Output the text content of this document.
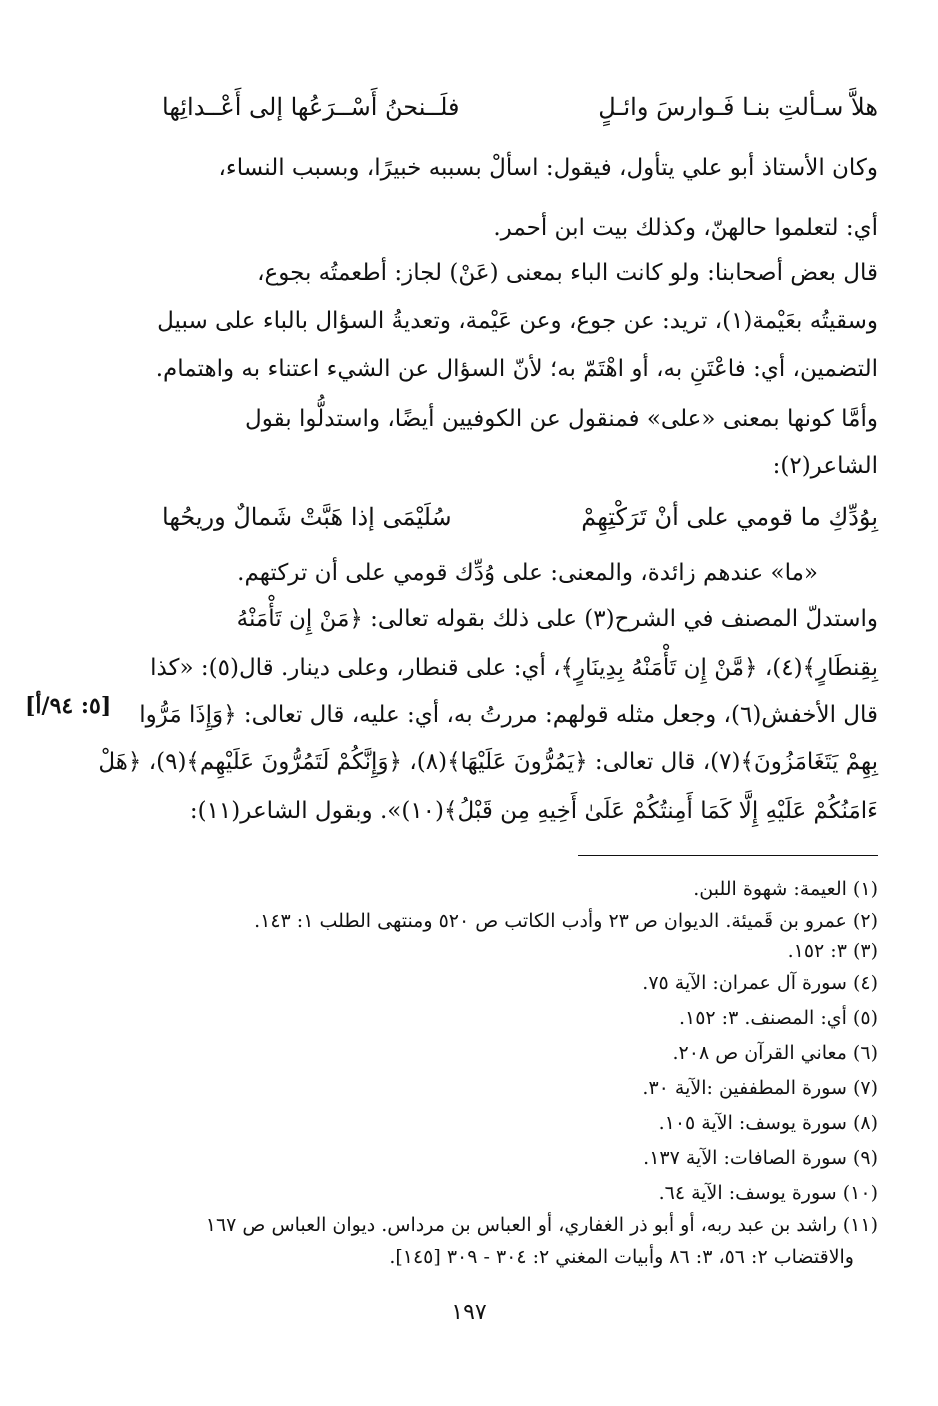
هلاَّ سـألتِ بنـا فَـوارسَ وائـلٍ
فلَــنحنُ أَسْــرَعُها إلى أَعْــدائِها
وكان الأستاذ أبو علي يتأول، فيقول: اسألْ بسببه خبيرًا، وبسبب النساء،
أي: لتعلموا حالهنّ، وكذلك بيت ابن أحمر.
قال بعض أصحابنا: ولو كانت الباء بمعنى (عَنْ) لجاز: أطعمتُه بجوع،
وسقيتُه بعَيْمة(١)، تريد: عن جوع، وعن عَيْمة، وتعديةُ السؤال بالباء على سبيل
التضمين، أي: فاعْتَنِ به، أو اهْتَمّ به؛ لأنّ السؤال عن الشيء اعتناء به واهتمام.
وأمَّا كونها بمعنى «على» فمنقول عن الكوفيين أيضًا، واستدلُّوا بقول
الشاعر(٢):
بِوُدِّكِ ما قومي على أنْ تَرَكْتِهِمْ
سُلَيْمَى إذا هَبَّتْ شَمالٌ وريحُها
«ما» عندهم زائدة، والمعنى: على وُدِّك قومي على أن تركتهم.
واستدلّ المصنف في الشرح(٣) على ذلك بقوله تعالى: ﴿مَنْ إِن تَأْمَنْهُ
بِقِنطَارٍ﴾(٤)، ﴿مَّنْ إِن تَأْمَنْهُ بِدِينَارٍ﴾، أي: على قنطار، وعلى دينار. قال(٥): «كذا
قال الأخفش(٦)، وجعل مثله قولهم: مررتُ به، أي: عليه، قال تعالى: ﴿وَإِذَا مَرُّوا
بِهِمْ يَتَغَامَزُونَ﴾(٧)، قال تعالى: ﴿يَمُرُّونَ عَلَيْهَا﴾(٨)، ﴿وَإِنَّكُمْ لَتَمُرُّونَ عَلَيْهِم﴾(٩)، ﴿هَلْ
ءَامَنُكُمْ عَلَيْهِ إِلَّا كَمَا أَمِنتُكُمْ عَلَىٰ أَخِيهِ مِن قَبْلُ﴾(١٠)». وبقول الشاعر(١١):
[٥: ٩٤/أ]
(١) العيمة: شهوة اللبن.
(٢) عمرو بن قَميئة. الديوان ص ٢٣ وأدب الكاتب ص ٥٢٠ ومنتهى الطلب ١: ١٤٣.
(٣) ٣: ١٥٢.
(٤) سورة آل عمران: الآية ٧٥.
(٥) أي: المصنف. ٣: ١٥٢.
(٦) معاني القرآن ص ٢٠٨.
(٧) سورة المطففين :الآية ٣٠.
(٨) سورة يوسف: الآية ١٠٥.
(٩) سورة الصافات: الآية ١٣٧.
(١٠) سورة يوسف: الآية ٦٤.
(١١) راشد بن عبد ربه، أو أبو ذر الغفاري، أو العباس بن مرداس. ديوان العباس ص ١٦٧
والاقتضاب ٢: ٥٦، ٣: ٨٦ وأبيات المغني ٢: ٣٠٤ - ٣٠٩ [١٤٥].
١٩٧
